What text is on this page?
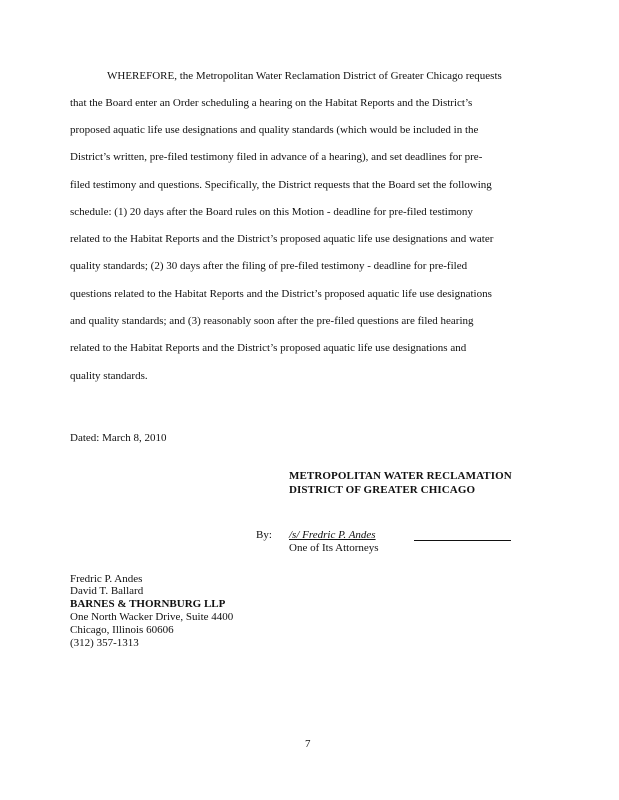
WHEREFORE, the Metropolitan Water Reclamation District of Greater Chicago requests
that the Board enter an Order scheduling a hearing on the Habitat Reports and the District’s
proposed aquatic life use designations and quality standards (which would be included in the
District’s written, pre-filed testimony filed in advance of a hearing), and set deadlines for pre-
filed testimony and questions. Specifically, the District requests that the Board set the following
schedule: (1) 20 days after the Board rules on this Motion - deadline for pre-filed testimony
related to the Habitat Reports and the District’s proposed aquatic life use designations and water
quality standards; (2) 30 days after the filing of pre-filed testimony - deadline for pre-filed
questions related to the Habitat Reports and the District’s proposed aquatic life use designations
and quality standards; and (3) reasonably soon after the pre-filed questions are filed hearing
related to the Habitat Reports and the District’s proposed aquatic life use designations and
quality standards.
Dated: March 8, 2010
METROPOLITAN WATER RECLAMATION
DISTRICT OF GREATER CHICAGO
By: /s/ Fredric P. Andes
One of Its Attorneys
Fredric P. Andes
David T. Ballard
BARNES & THORNBURG LLP
One North Wacker Drive, Suite 4400
Chicago, Illinois 60606
(312) 357-1313
7
